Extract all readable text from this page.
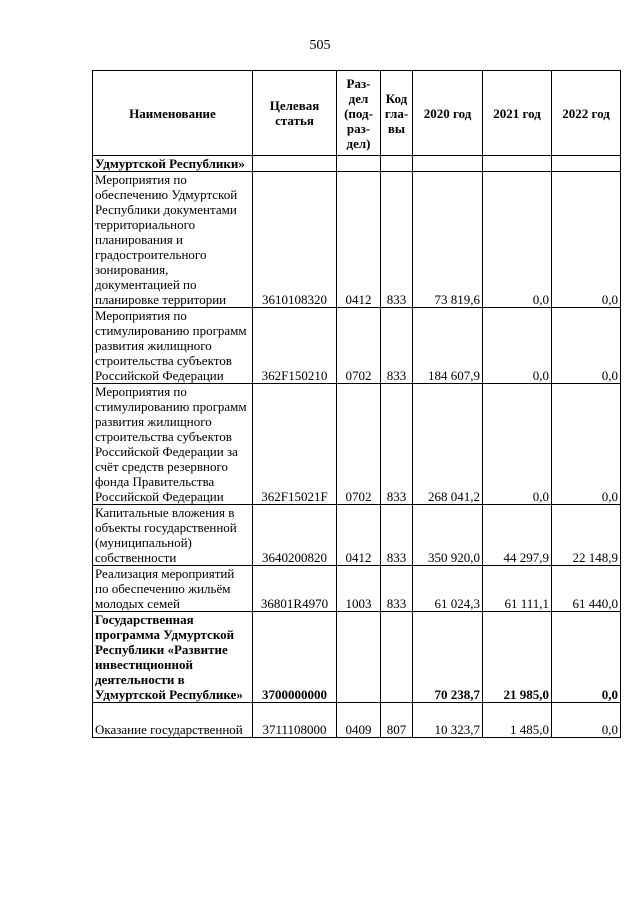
505
Наименование	Целевая статья	Раз-дел (под-раз-дел)	Код гла-вы	2020 год	2021 год	2022 год
Удмуртской Республики»						
Мероприятия по обеспечению Удмуртской Республики документами территориального планирования и градостроительного зонирования, документацией по планировке территории	3610108320	0412	833	73 819,6	0,0	0,0
Мероприятия по стимулированию программ развития жилищного строительства субъектов Российской Федерации	362F150210	0702	833	184 607,9	0,0	0,0
Мероприятия по стимулированию программ развития жилищного строительства субъектов Российской Федерации за счёт средств резервного фонда Правительства Российской Федерации	362F15021F	0702	833	268 041,2	0,0	0,0
Капитальные вложения в объекты государственной (муниципальной) собственности	3640200820	0412	833	350 920,0	44 297,9	22 148,9
Реализация мероприятий по обеспечению жильём молодых семей	36801R4970	1003	833	61 024,3	61 111,1	61 440,0
Государственная программа Удмуртской Республики «Развитие инвестиционной деятельности в Удмуртской Республике»	3700000000			70 238,7	21 985,0	0,0
Оказание государственной	3711108000	0409	807	10 323,7	1 485,0	0,0
